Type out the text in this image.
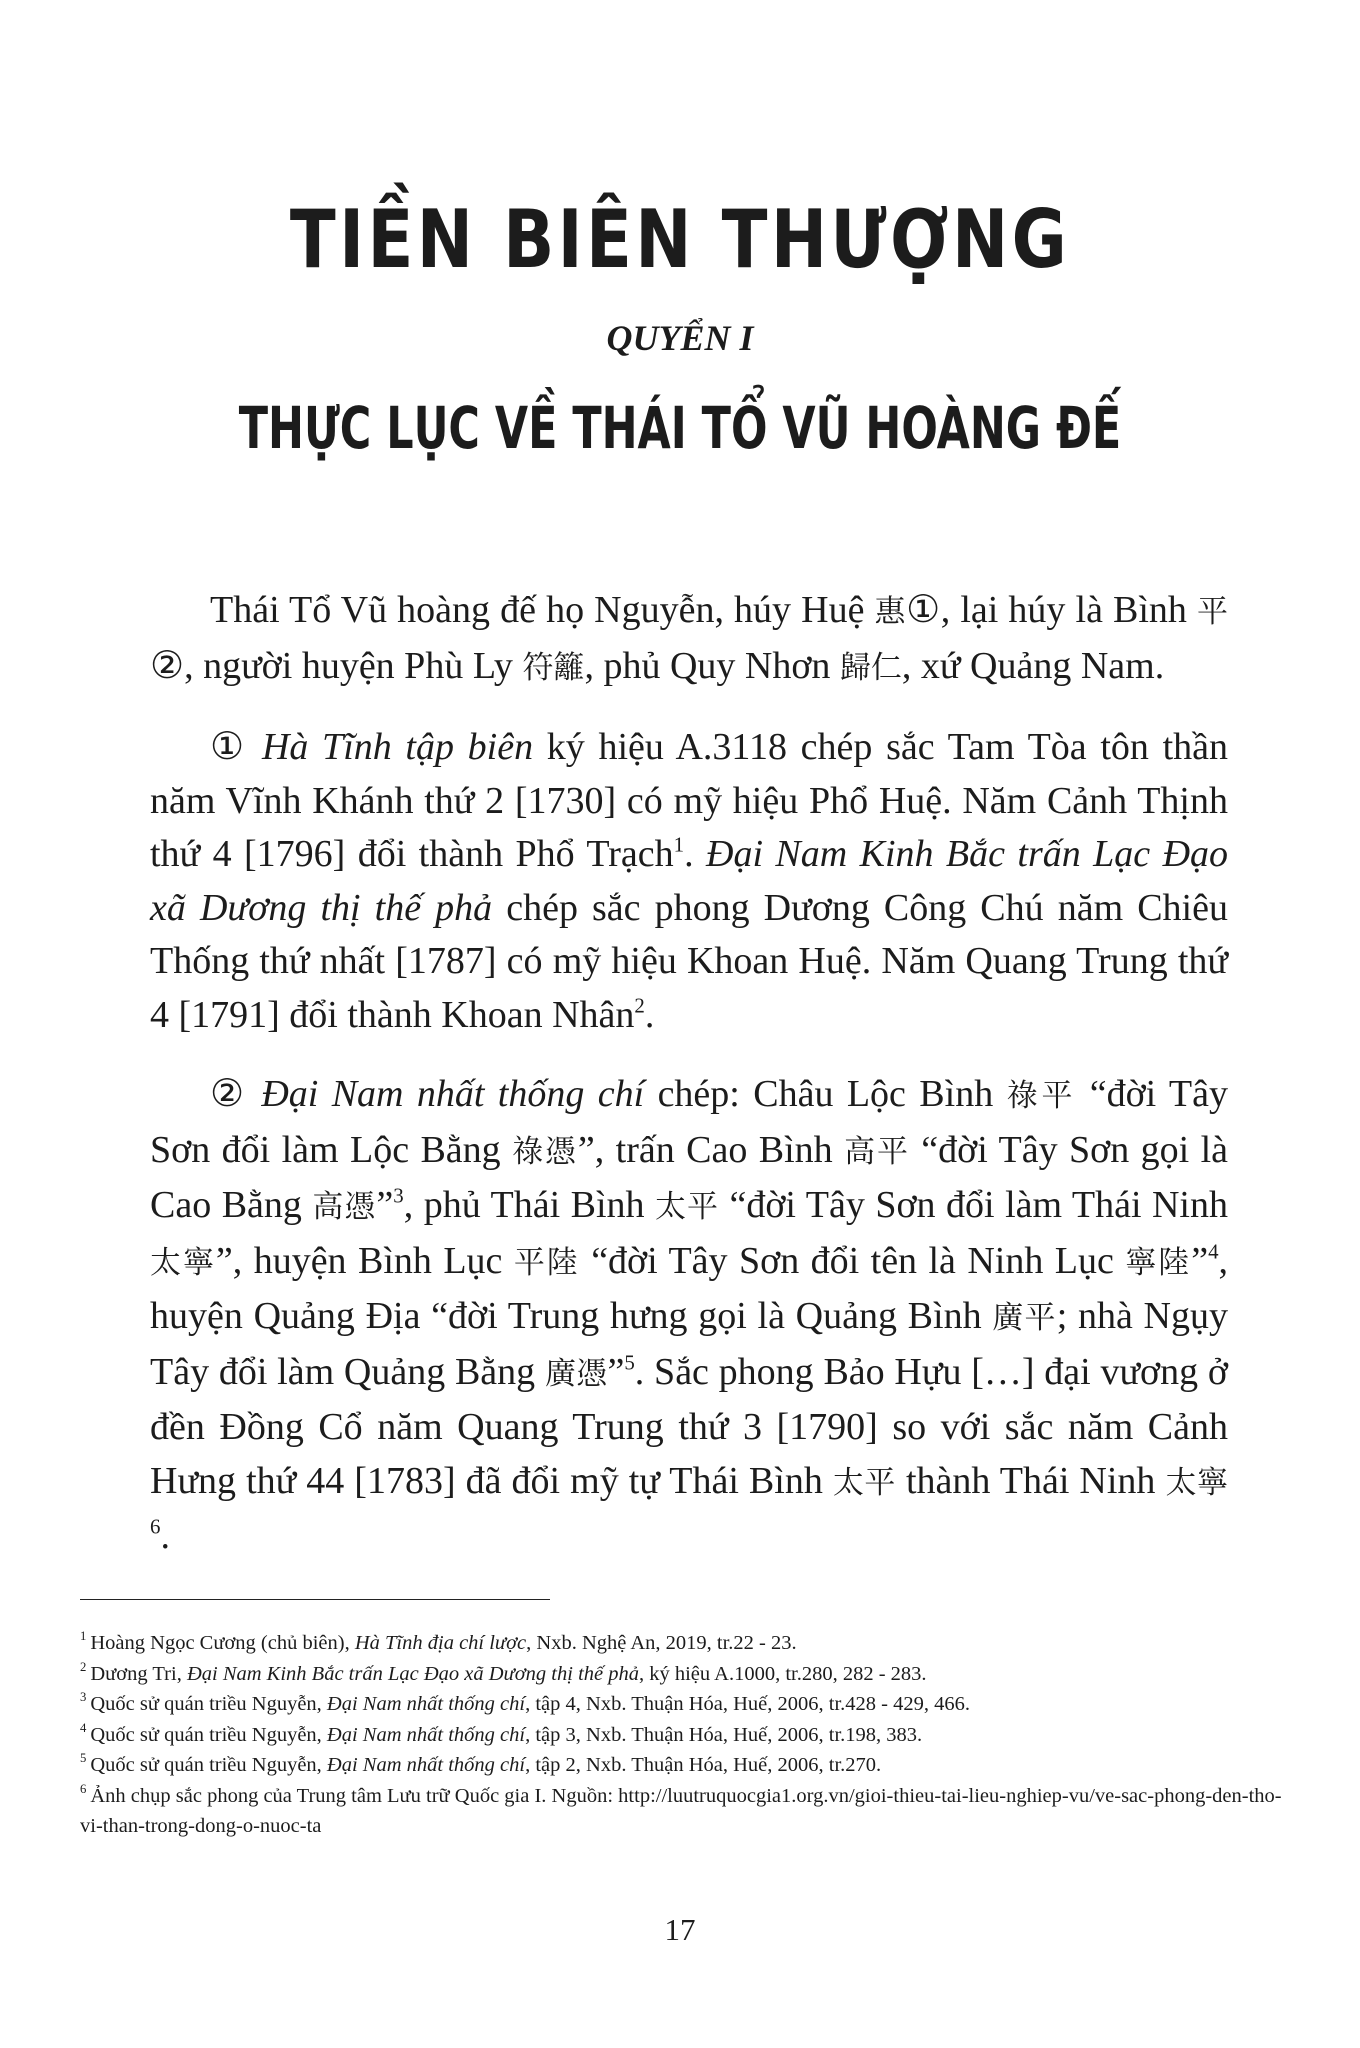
TIỀN BIÊN THƯỢNG
QUYỂN I
THỰC LỤC VỀ THÁI TỔ VŨ HOÀNG ĐẾ

Thái Tổ Vũ hoàng đế họ Nguyễn, húy Huệ 惠①, lại húy là Bình 平②, người huyện Phù Ly 符籬, phủ Quy Nhơn 歸仁, xứ Quảng Nam.

① Hà Tĩnh tập biên ký hiệu A.3118 chép sắc Tam Tòa tôn thần năm Vĩnh Khánh thứ 2 [1730] có mỹ hiệu Phổ Huệ. Năm Cảnh Thịnh thứ 4 [1796] đổi thành Phổ Trạch$^1$. Đại Nam Kinh Bắc trấn Lạc Đạo xã Dương thị thế phả chép sắc phong Dương Công Chú năm Chiêu Thống thứ nhất [1787] có mỹ hiệu Khoan Huệ. Năm Quang Trung thứ 4 [1791] đổi thành Khoan Nhân$^2$.

② Đại Nam nhất thống chí chép: Châu Lộc Bình 祿平 “đời Tây Sơn đổi làm Lộc Bằng 祿憑”, trấn Cao Bình 高平 “đời Tây Sơn gọi là Cao Bằng 高憑”$^3$, phủ Thái Bình 太平 “đời Tây Sơn đổi làm Thái Ninh 太寧”, huyện Bình Lục 平陸 “đời Tây Sơn đổi tên là Ninh Lục 寧陸”$^4$, huyện Quảng Địa “đời Trung hưng gọi là Quảng Bình 廣平; nhà Ngụy Tây đổi làm Quảng Bằng 廣憑”$^5$. Sắc phong Bảo Hựu […] đại vương ở đền Đồng Cổ năm Quang Trung thứ 3 [1790] so với sắc năm Cảnh Hưng thứ 44 [1783] đã đổi mỹ tự Thái Bình 太平 thành Thái Ninh 太寧$^6$.

$^1$ Hoàng Ngọc Cương (chủ biên), Hà Tĩnh địa chí lược, Nxb. Nghệ An, 2019, tr.22 - 23.

$^2$ Dương Tri, Đại Nam Kinh Bắc trấn Lạc Đạo xã Dương thị thế phả, ký hiệu A.1000, tr.280, 282 - 283.

$^3$ Quốc sử quán triều Nguyễn, Đại Nam nhất thống chí, tập 4, Nxb. Thuận Hóa, Huế, 2006, tr.428 - 429, 466.

$^4$ Quốc sử quán triều Nguyễn, Đại Nam nhất thống chí, tập 3, Nxb. Thuận Hóa, Huế, 2006, tr.198, 383.

$^5$ Quốc sử quán triều Nguyễn, Đại Nam nhất thống chí, tập 2, Nxb. Thuận Hóa, Huế, 2006, tr.270.

$^6$ Ảnh chụp sắc phong của Trung tâm Lưu trữ Quốc gia I. Nguồn: http://luutruquocgia1.org.vn/gioi-thieu-tai-lieu-nghiep-vu/ve-sac-phong-den-tho-vi-than-trong-dong-o-nuoc-ta

17
